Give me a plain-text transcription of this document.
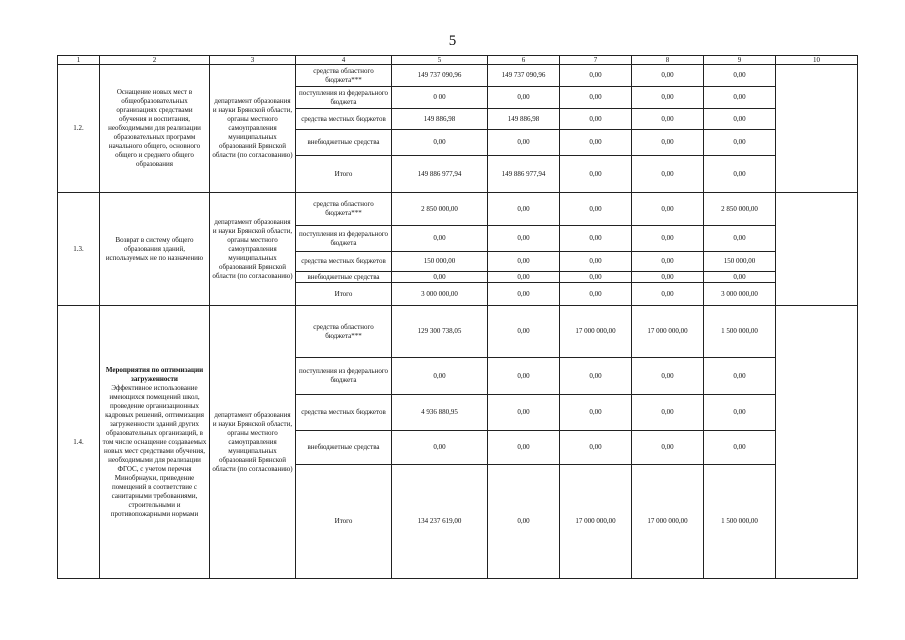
5
1	2	3	4	5	6	7	8	9	10
1.2.	Оснащение новых мест в общеобразовательных организациях средствами обучения и воспитания, необходимыми для реализации образовательных программ начального общего, основного общего и среднего общего образования	департамент образования и науки Брянской области, органы местного самоуправления муниципальных образований Брянской области (по согласованию)	средства областного бюджета***	149 737 090,96	149 737 090,96	0,00	0,00	0,00	
			поступления из федерального бюджета	0 00	0,00	0,00	0,00	0,00	
			средства местных бюджетов	149 886,98	149 886,98	0,00	0,00	0,00	
			внебюджетные средства	0,00	0,00	0,00	0,00	0,00	
			Итого	149 886 977,94	149 886 977,94	0,00	0,00	0,00	
1.3.	Возврат в систему общего образования зданий, используемых не по назначению	департамент образования и науки Брянской области, органы местного самоуправления муниципальных образований Брянской области (по согласованию)	средства областного бюджета***	2 850 000,00	0,00	0,00	0,00	2 850 000,00	
			поступления из федерального бюджета	0,00	0,00	0,00	0,00	0,00	
			средства местных бюджетов	150 000,00	0,00	0,00	0,00	150 000,00	
			внебюджетные средства	0,00	0,00	0,00	0,00	0,00	
			Итого	3 000 000,00	0,00	0,00	0,00	3 000 000,00	
1.4.	Мероприятия по оптимизации загруженности
Эффективное использование имеющихся помещений школ, проведение организационных кадровых решений, оптимизация загруженности зданий других образовательных организаций, в том числе оснащение создаваемых новых мест средствами обучения, необходимыми для реализации ФГОС, с учетом перечня Минобрнауки, приведение помещений в соответствие с санитарными требованиями, строительными и противопожарными нормами	департамент образования и науки Брянской области, органы местного самоуправления муниципальных образований Брянской области (по согласованию)	средства областного бюджета***	129 300 738,05	0,00	17 000 000,00	17 000 000,00	1 500 000,00	
			поступления из федерального бюджета	0,00	0,00	0,00	0,00	0,00	
			средства местных бюджетов	4 936 880,95	0,00	0,00	0,00	0,00	
			внебюджетные средства	0,00	0,00	0,00	0,00	0,00	
			Итого	134 237 619,00	0,00	17 000 000,00	17 000 000,00	1 500 000,00	
